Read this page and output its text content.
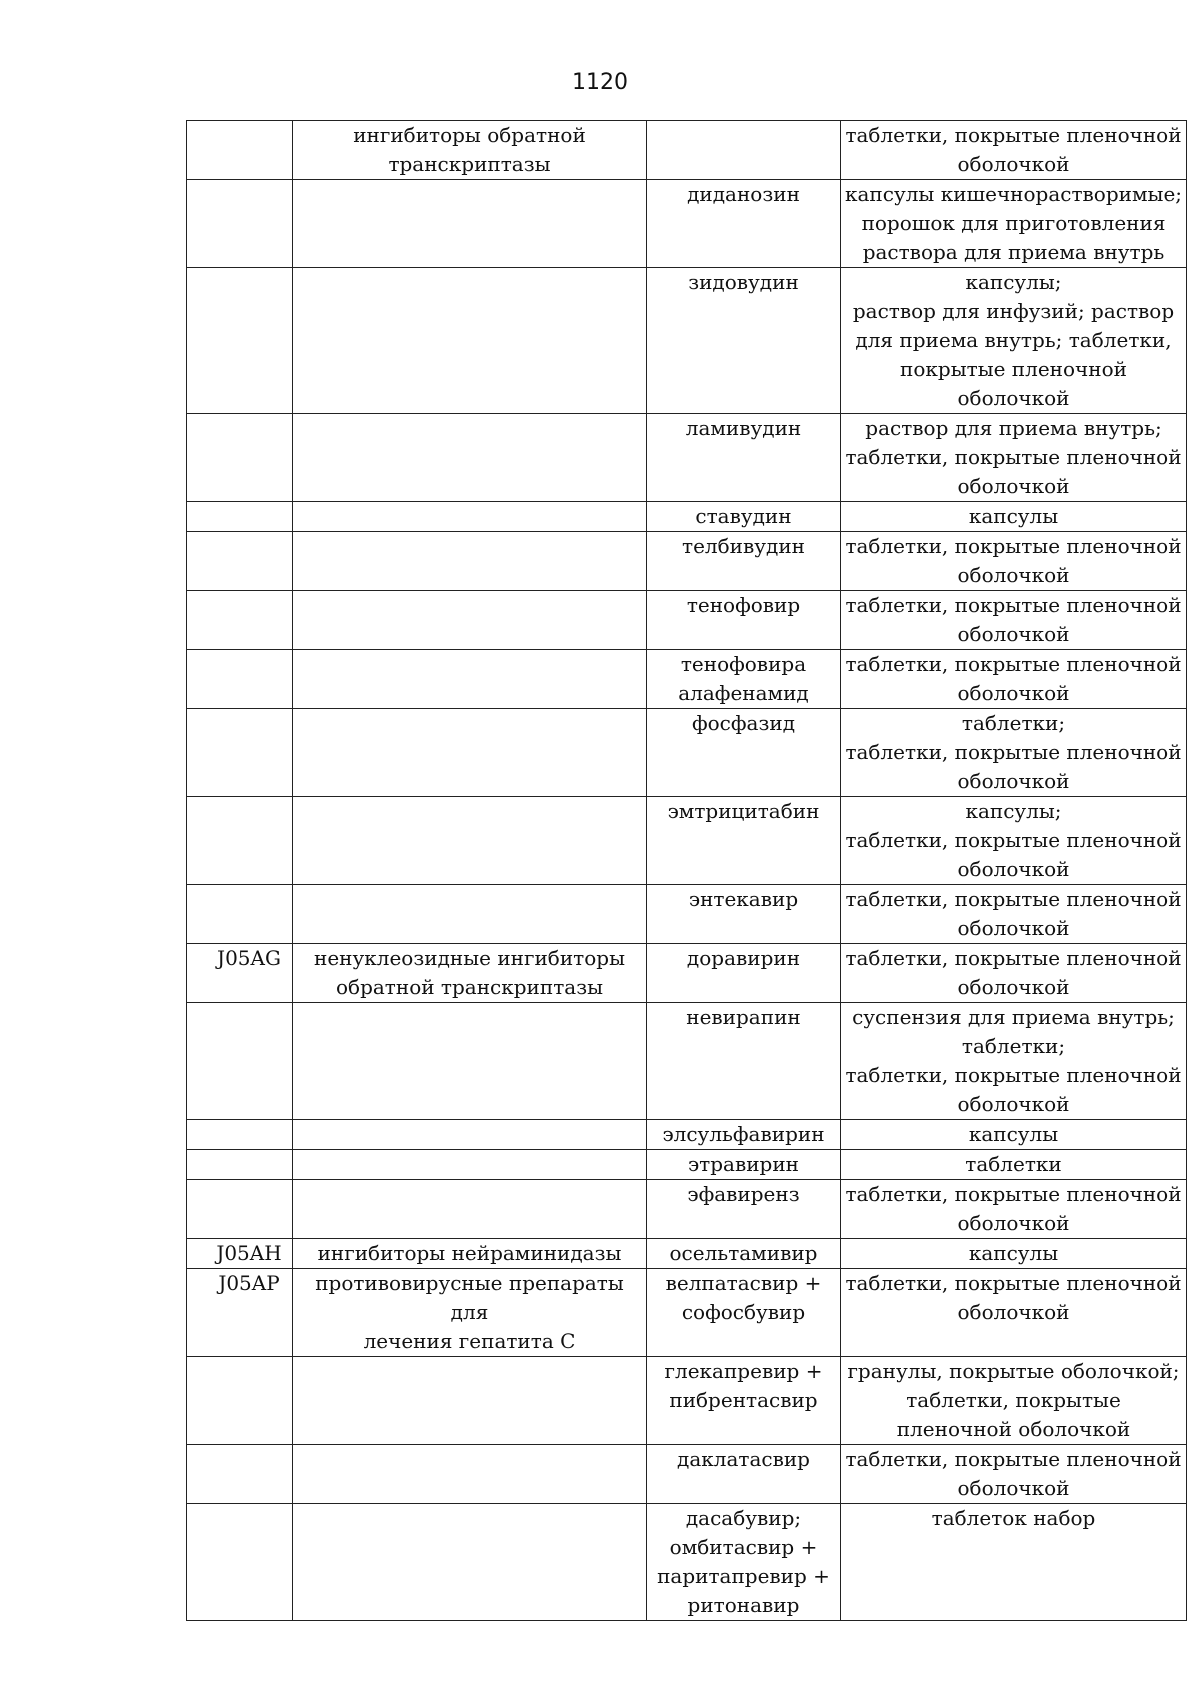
1120
	ингибиторы обратной
транскриптазы		таблетки, покрытые пленочной
оболочкой
		диданозин	капсулы кишечнорастворимые;
порошок для приготовления
раствора для приема внутрь
		зидовудин	капсулы;
раствор для инфузий; раствор
для приема внутрь; таблетки,
покрытые пленочной оболочкой
		ламивудин	раствор для приема внутрь;
таблетки, покрытые пленочной
оболочкой
		ставудин	капсулы
		телбивудин	таблетки, покрытые пленочной
оболочкой
		тенофовир	таблетки, покрытые пленочной
оболочкой
		тенофовира
алафенамид	таблетки, покрытые пленочной
оболочкой
		фосфазид	таблетки;
таблетки, покрытые пленочной
оболочкой
		эмтрицитабин	капсулы;
таблетки, покрытые пленочной
оболочкой
		энтекавир	таблетки, покрытые пленочной
оболочкой
J05AG	ненуклеозидные ингибиторы
обратной транскриптазы	доравирин	таблетки, покрытые пленочной
оболочкой
		невирапин	суспензия для приема внутрь;
таблетки;
таблетки, покрытые пленочной
оболочкой
		элсульфавирин	капсулы
		этравирин	таблетки
		эфавиренз	таблетки, покрытые пленочной
оболочкой
J05AH	ингибиторы нейраминидазы	осельтамивир	капсулы
J05AP	противовирусные препараты для
лечения гепатита С	велпатасвир +
софосбувир	таблетки, покрытые пленочной
оболочкой
		глекапревир +
пибрентасвир	гранулы, покрытые оболочкой;
таблетки, покрытые
пленочной оболочкой
		даклатасвир	таблетки, покрытые пленочной
оболочкой
		дасабувир;
омбитасвир +
паритапревир +
ритонавир	таблеток набор
